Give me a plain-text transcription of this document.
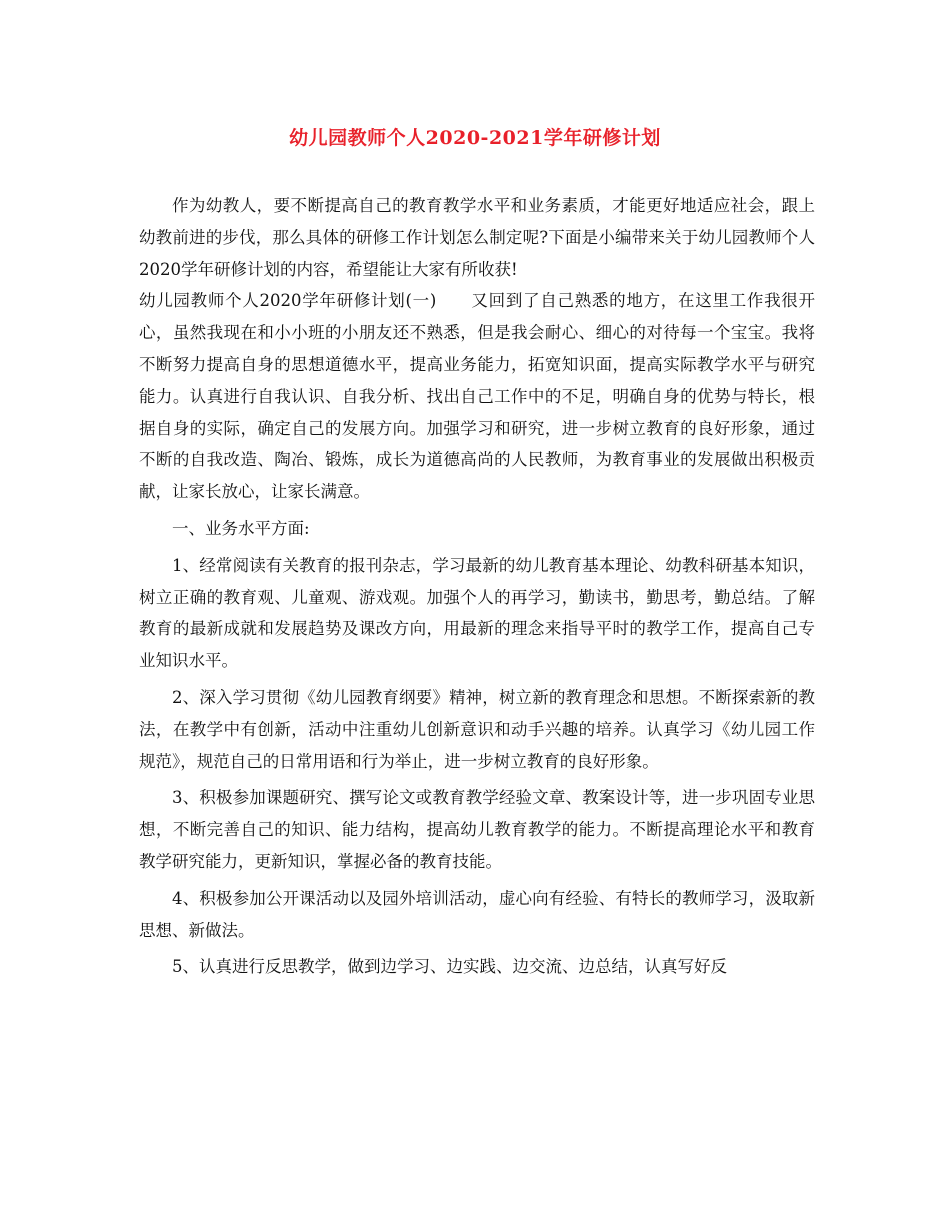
幼儿园教师个人2020-2021学年研修计划

作为幼教人，要不断提高自己的教育教学水平和业务素质，才能更好地适应社会，跟上幼教前进的步伐，那么具体的研修工作计划怎么制定呢?下面是小编带来关于幼儿园教师个人2020学年研修计划的内容，希望能让大家有所收获!

幼儿园教师个人2020学年研修计划(一)　　又回到了自己熟悉的地方，在这里工作我很开心，虽然我现在和小小班的小朋友还不熟悉，但是我会耐心、细心的对待每一个宝宝。我将不断努力提高自身的思想道德水平，提高业务能力，拓宽知识面，提高实际教学水平与研究能力。认真进行自我认识、自我分析、找出自己工作中的不足，明确自身的优势与特长，根据自身的实际，确定自己的发展方向。加强学习和研究，进一步树立教育的良好形象，通过不断的自我改造、陶冶、锻炼，成长为道德高尚的人民教师，为教育事业的发展做出积极贡献，让家长放心，让家长满意。

一、业务水平方面:

1、经常阅读有关教育的报刊杂志，学习最新的幼儿教育基本理论、幼教科研基本知识，树立正确的教育观、儿童观、游戏观。加强个人的再学习，勤读书，勤思考，勤总结。了解教育的最新成就和发展趋势及课改方向，用最新的理念来指导平时的教学工作，提高自己专业知识水平。

2、深入学习贯彻《幼儿园教育纲要》精神，树立新的教育理念和思想。不断探索新的教法，在教学中有创新，活动中注重幼儿创新意识和动手兴趣的培养。认真学习《幼儿园工作规范》，规范自己的日常用语和行为举止，进一步树立教育的良好形象。

3、积极参加课题研究、撰写论文或教育教学经验文章、教案设计等，进一步巩固专业思想，不断完善自己的知识、能力结构，提高幼儿教育教学的能力。不断提高理论水平和教育教学研究能力，更新知识，掌握必备的教育技能。

4、积极参加公开课活动以及园外培训活动，虚心向有经验、有特长的教师学习，汲取新思想、新做法。

5、认真进行反思教学，做到边学习、边实践、边交流、边总结，认真写好反
